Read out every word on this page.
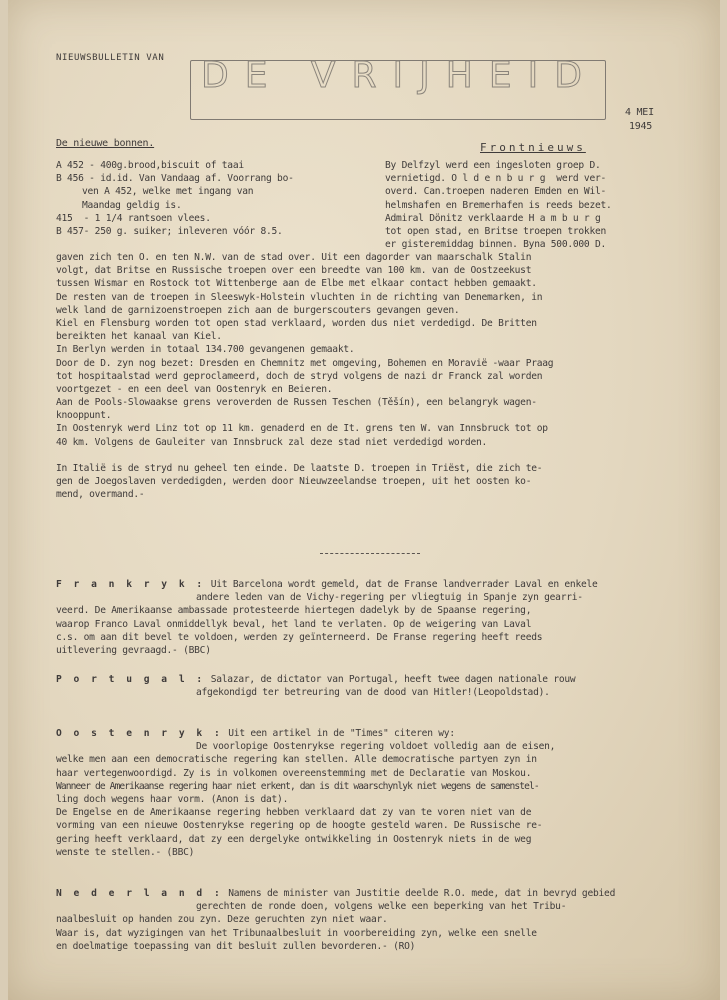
NIEUWSBULLETIN VAN DE VRIJHEID
4 MEI
1945
De nieuwe bonnen.	Frontnieuws
A 452 - 400g.brood,biscuit of taai
B 456 - id.id. Van Vandaag af. Voorrang bo-
ven A 452, welke met ingang van
Maandag geldig is.
415  - 1 1/4 rantsoen vlees.
B 457- 250 g. suiker; inleveren vóór 8.5.
By Delfzyl werd een ingesloten groep D.
vernietigd. O l d e n b u r g  werd ver-
overd. Can.troepen naderen Emden en Wil-
helmshafen en Bremerhafen is reeds bezet.
Admiral Dönitz verklaarde H a m b u r g
tot open stad, en Britse troepen trokken
er gisteremiddag binnen. Bynа 500.000 D.
gaven zich ten O. en ten N.W. van de stad over. Uit een dagorder van maarschalk Stalin
volgt, dat Britse en Russische troepen over een breedte van 100 km. van de Oostzeekust
tussen Wismar en Rostock tot Wittenberge aan de Elbe met elkaar contact hebben gemaakt.
De resten van de troepen in Sleeswyk-Holstein vluchten in de richting van Denemarken, in
welk land de garnizoenstroepen zich aan de burgerscouters gevangen geven.
Kiel en Flensburg worden tot open stad verklaard, worden dus niet verdedigd. De Britten
bereikten het kanaal van Kiel.
In Berlyn werden in totaal 134.700 gevangenen gemaakt.
Door de D. zyn nog bezet: Dresden en Chemnitz met omgeving, Bohemen en Moravië -waar Praag
tot hospitaalstad werd geproclameerd, doch de stryd volgens de nazi dr Franck zal worden
voortgezet - en een deel van Oostenryk en Beieren.
Aan de Pools-Slowaakse grens veroverden de Russen Teschen (Těšín), een belangryk wagen-
knooppunt.
In Oostenryk werd Linz tot op 11 km. genaderd en de It. grens ten W. van Innsbruck tot op
40 km. Volgens de Gauleiter van Innsbruck zal deze stad niet verdedigd worden.
In Italië is de stryd nu geheel ten einde. De laatste D. troepen in Triëst, die zich te-
gen de Joegoslaven verdedigden, werden door Nieuwzeelandse troepen, uit het oosten ko-
mend, overmand.-
F r a n k r y k : Uit Barcelona wordt gemeld, dat de Franse landverrader Laval en enkele
andere leden van de Vichy-regering per vliegtuig in Spanje zyn gearri-
veerd. De Amerikaanse ambassade protesteerde hiertegen dadelyk by de Spaanse regering,
waarop Franco Laval onmiddellyk beval, het land te verlaten. Op de weigering van Laval
c.s. om aan dit bevel te voldoen, werden zy geïnterneerd. De Franse regering heeft reeds
uitlevering gevraagd.- (BBC)
P o r t u g a l : Salazar, de dictator van Portugal, heeft twee dagen nationale rouw
afgekondigd ter betreuring van de dood van Hitler!(Leopoldstad).
O o s t e n r y k : Uit een artikel in de "Times" citeren wy:
De voorlopige Oostenrykse regering voldoet volledig aan de eisen,
welke men aan een democratische regering kan stellen. Alle democratische partyen zyn in
haar vertegenwoordigd. Zy is in volkomen overeenstemming met de Declaratie van Moskou.
Wanneer de Amerikaanse regering haar niet erkent, dan is dit waarschynlyk niet wegens de samenstel-
ling doch wegens haar vorm. (Anon is dat).
De Engelse en de Amerikaanse regering hebben verklaard dat zy van te voren niet van de
vorming van een nieuwe Oostenrykse regering op de hoogte gesteld waren. De Russische re-
gering heeft verklaard, dat zy een dergelyke ontwikkeling in Oostenryk niets in de weg
wenste te stellen.- (BBC)
N e d e r l a n d : Namens de minister van Justitie deelde R.O. mede, dat in bevryd gebied
gerechten de ronde doen, volgens welke een beperking van het Tribu-
naalbesluit op handen zou zyn. Deze geruchten zyn niet waar.
Waar is, dat wyzigingen van het Tribunaalbesluit in voorbereiding zyn, welke een snelle
en doelmatige toepassing van dit besluit zullen bevorderen.- (RO)
